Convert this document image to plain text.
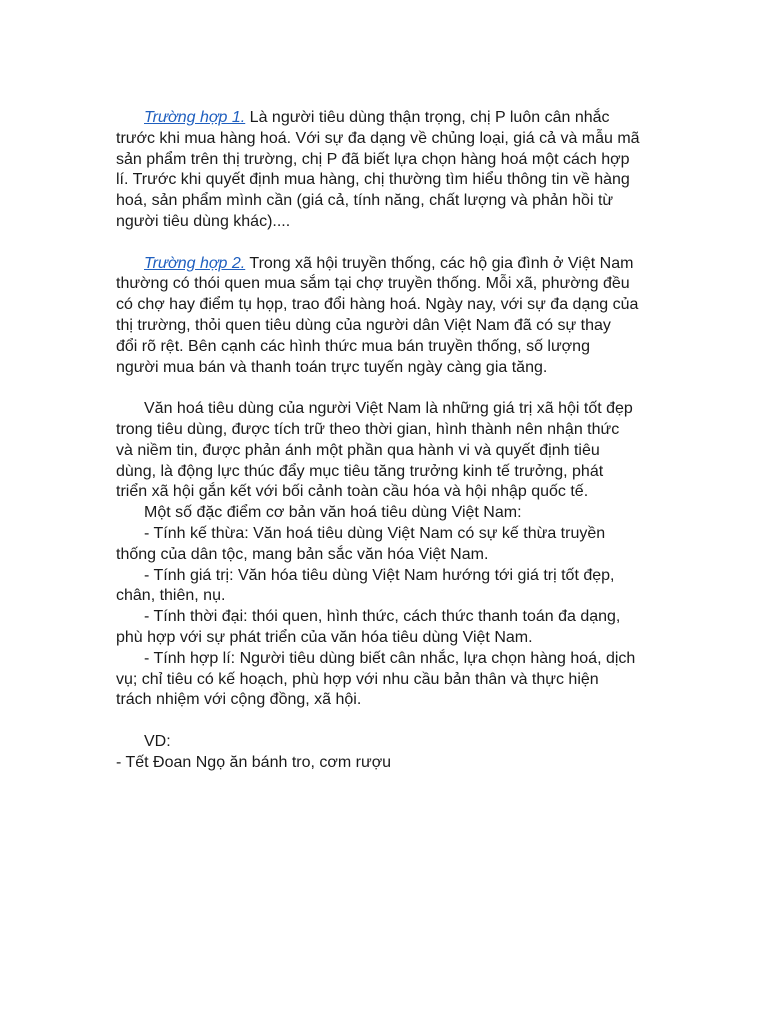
Trường hợp 1. Là người tiêu dùng thận trọng, chị P luôn cân nhắc
trước khi mua hàng hoá. Với sự đa dạng về chủng loại, giá cả và mẫu mã
sản phẩm trên thị trường, chị P đã biết lựa chọn hàng hoá một cách hợp
lí. Trước khi quyết định mua hàng, chị thường tìm hiểu thông tin về hàng
hoá, sản phẩm mình cần (giá cả, tính năng, chất lượng và phản hồi từ
người tiêu dùng khác)....

Trường hợp 2. Trong xã hội truyền thống, các hộ gia đình ở Việt Nam
thường có thói quen mua sắm tại chợ truyền thống. Mỗi xã, phường đều
có chợ hay điểm tụ họp, trao đổi hàng hoá. Ngày nay, với sự đa dạng của
thị trường, thỏi quen tiêu dùng của người dân Việt Nam đã có sự thay
đổi rõ rệt. Bên cạnh các hình thức mua bán truyền thống, số lượng
người mua bán và thanh toán trực tuyến ngày càng gia tăng.

Văn hoá tiêu dùng của người Việt Nam là những giá trị xã hội tốt đẹp
trong tiêu dùng, được tích trữ theo thời gian, hình thành nên nhận thức
và niềm tin, được phản ánh một phần qua hành vi và quyết định tiêu
dùng, là động lực thúc đẩy mục tiêu tăng trưởng kinh tế trưởng, phát
triển xã hội gắn kết với bối cảnh toàn cầu hóa và hội nhập quốc tế.

Một số đặc điểm cơ bản văn hoá tiêu dùng Việt Nam:

- Tính kế thừa: Văn hoá tiêu dùng Việt Nam có sự kế thừa truyền
thống của dân tộc, mang bản sắc văn hóa Việt Nam.

- Tính giá trị: Văn hóa tiêu dùng Việt Nam hướng tới giá trị tốt đẹp,
chân, thiên, nụ.

- Tính thời đại: thói quen, hình thức, cách thức thanh toán đa dạng,
phù hợp với sự phát triển của văn hóa tiêu dùng Việt Nam.

- Tính hợp lí: Người tiêu dùng biết cân nhắc, lựa chọn hàng hoá, dịch
vụ; chỉ tiêu có kế hoạch, phù hợp với nhu cầu bản thân và thực hiện
trách nhiệm với cộng đồng, xã hội.

VD:

- Tết Đoan Ngọ ăn bánh tro, cơm rượu
